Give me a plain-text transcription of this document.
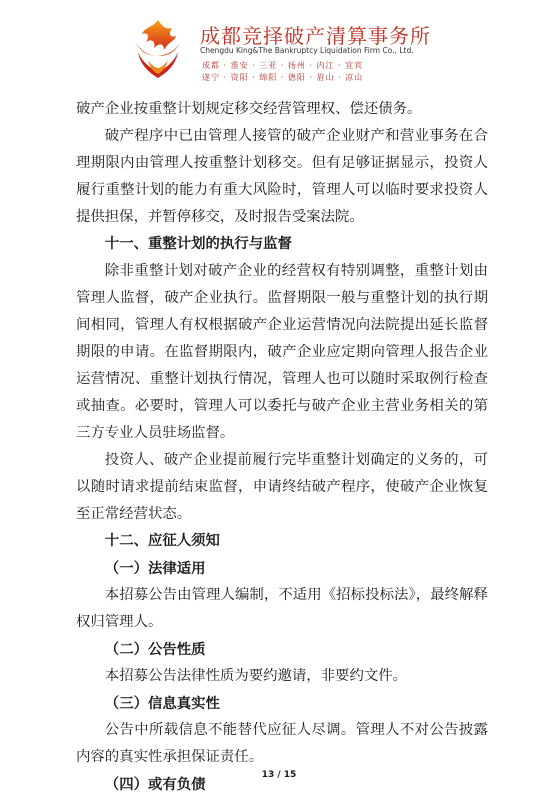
成都竞择破产清算事务所
Chengdu King&The Bankruptcy Liquidation Firm Co., Ltd.
成都 · 淮安 · 三亚 · 扬州 · 内江 · 宜宾
遂宁 · 资阳 · 绵阳 · 德阳 · 眉山 · 凉山

破产企业按重整计划规定移交经营管理权、偿还债务。

破产程序中已由管理人接管的破产企业财产和营业事务在合理期限内由管理人按重整计划移交。但有足够证据显示，投资人履行重整计划的能力有重大风险时，管理人可以临时要求投资人提供担保，并暂停移交，及时报告受案法院。

十一、重整计划的执行与监督

除非重整计划对破产企业的经营权有特别调整，重整计划由管理人监督，破产企业执行。监督期限一般与重整计划的执行期间相同，管理人有权根据破产企业运营情况向法院提出延长监督期限的申请。在监督期限内，破产企业应定期向管理人报告企业运营情况、重整计划执行情况，管理人也可以随时采取例行检查或抽查。必要时，管理人可以委托与破产企业主营业务相关的第三方专业人员驻场监督。

投资人、破产企业提前履行完毕重整计划确定的义务的，可以随时请求提前结束监督，申请终结破产程序，使破产企业恢复至正常经营状态。

十二、应征人须知

（一）法律适用

本招募公告由管理人编制，不适用《招标投标法》，最终解释权归管理人。

（二）公告性质

本招募公告法律性质为要约邀请，非要约文件。

（三）信息真实性

公告中所载信息不能替代应征人尽调。管理人不对公告披露内容的真实性承担保证责任。

（四）或有负债

13 / 15
